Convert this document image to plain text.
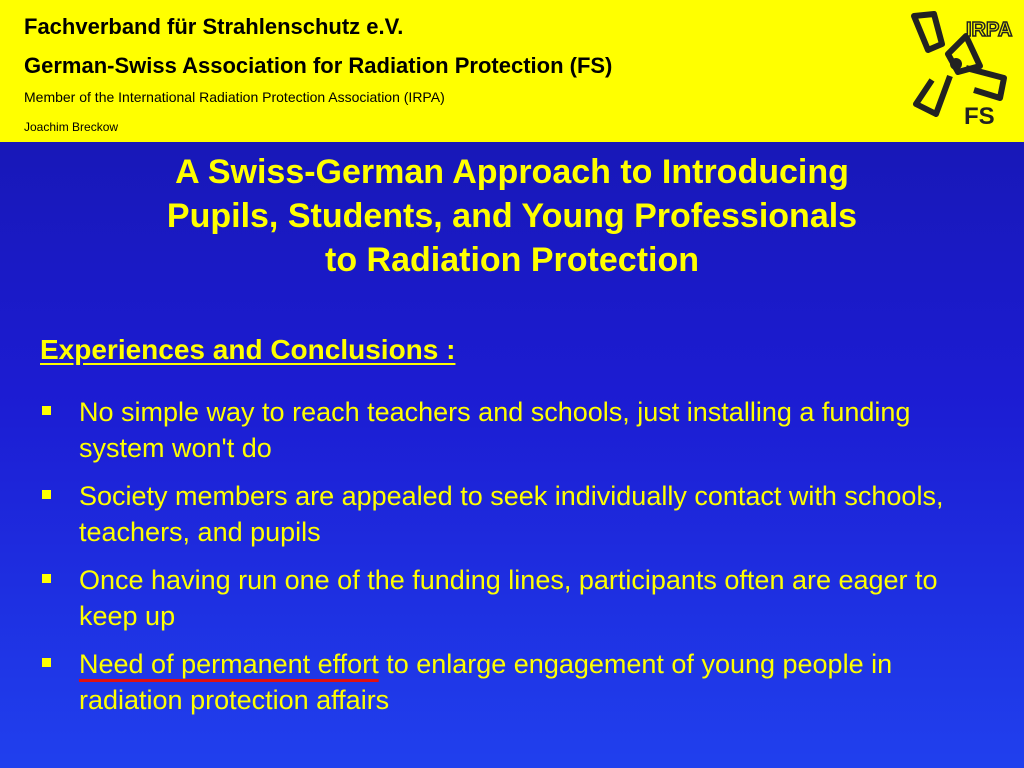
Fachverband für Strahlenschutz e.V.
German-Swiss Association for Radiation Protection (FS)
Member of the International Radiation Protection Association (IRPA)
Joachim Breckow
IRPA
FS
A Swiss-German Approach to Introducing
Pupils, Students, and Young Professionals
to Radiation Protection
Experiences and Conclusions :
No simple way to reach teachers and schools, just installing a funding system won't do
Society members are appealed to seek individually contact with schools, teachers, and pupils
Once having run one of the funding lines, participants often are eager to keep up
Need of permanent effort to enlarge engagement of young people in radiation protection affairs
